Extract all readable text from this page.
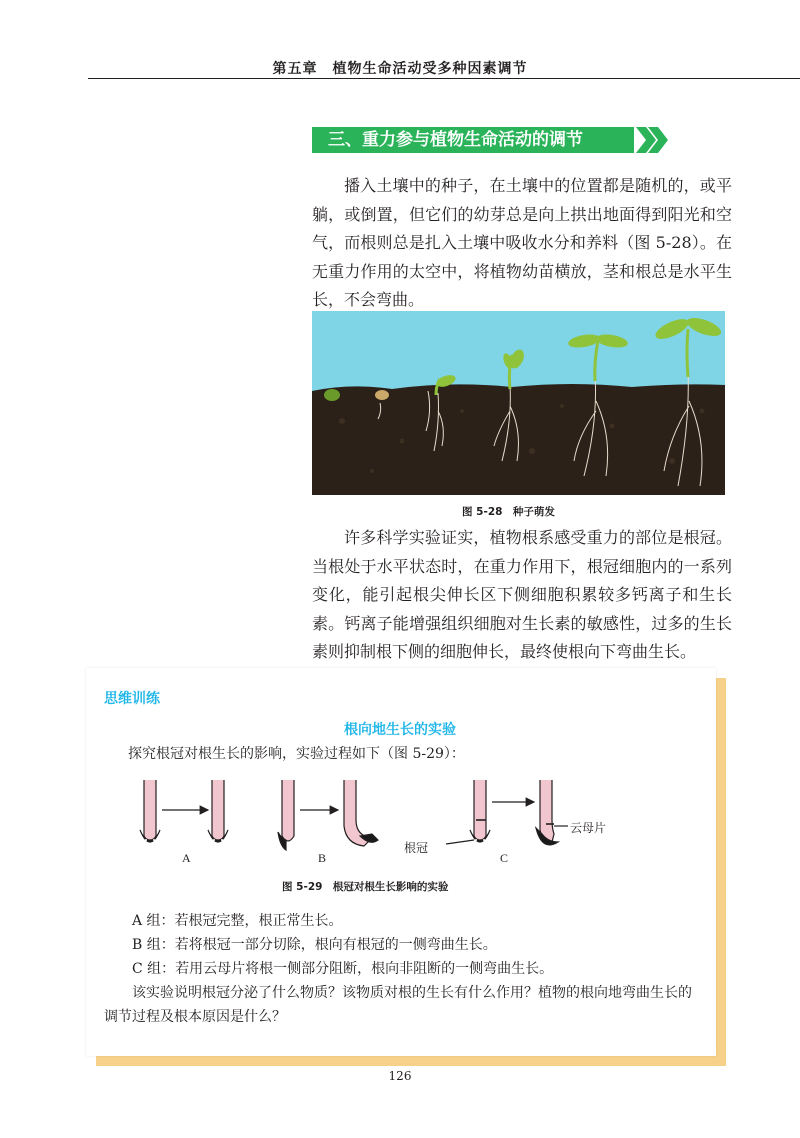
第五章　植物生命活动受多种因素调节
三、重力参与植物生命活动的调节

播入土壤中的种子，在土壤中的位置都是随机的，或平躺，或倒置，但它们的幼芽总是向上拱出地面得到阳光和空气，而根则总是扎入土壤中吸收水分和养料（图 5-28）。在无重力作用的太空中，将植物幼苗横放，茎和根总是水平生长，不会弯曲。

图 5-28　种子萌发

许多科学实验证实，植物根系感受重力的部位是根冠。当根处于水平状态时，在重力作用下，根冠细胞内的一系列变化，能引起根尖伸长区下侧细胞积累较多钙离子和生长素。钙离子能增强组织细胞对生长素的敏感性，过多的生长素则抑制根下侧的细胞伸长，最终使根向下弯曲生长。

思维训练
根向地生长的实验
探究根冠对根生长的影响，实验过程如下（图 5-29）：
A	B	C
根冠
云母片
图 5-29　根冠对根生长影响的实验

A 组：若根冠完整，根正常生长。

B 组：若将根冠一部分切除，根向有根冠的一侧弯曲生长。

C 组：若用云母片将根一侧部分阻断，根向非阻断的一侧弯曲生长。

该实验说明根冠分泌了什么物质？该物质对根的生长有什么作用？植物的根向地弯曲生长的调节过程及根本原因是什么？

126
